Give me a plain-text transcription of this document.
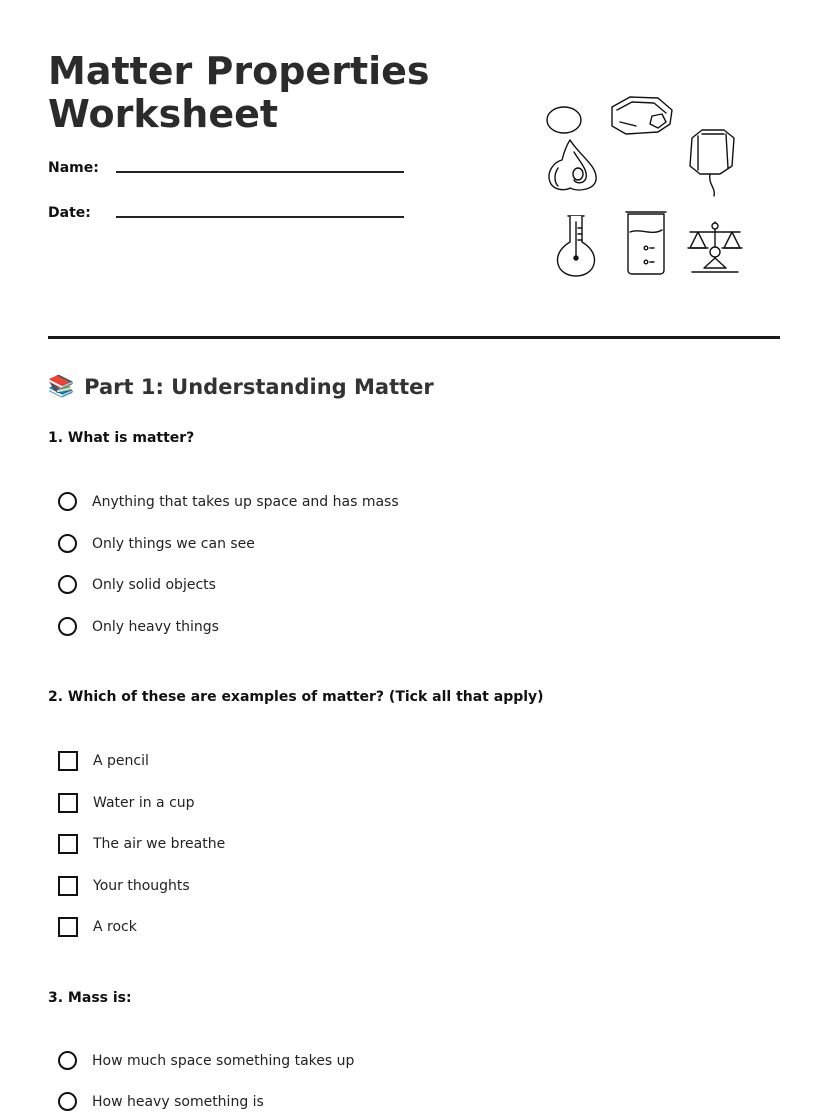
Matter Properties
Worksheet
Name:
Date:
📚 Part 1: Understanding Matter
1. What is matter?
Anything that takes up space and has mass
Only things we can see
Only solid objects
Only heavy things
2. Which of these are examples of matter? (Tick all that apply)
A pencil
Water in a cup
The air we breathe
Your thoughts
A rock
3. Mass is:
How much space something takes up
How heavy something is
